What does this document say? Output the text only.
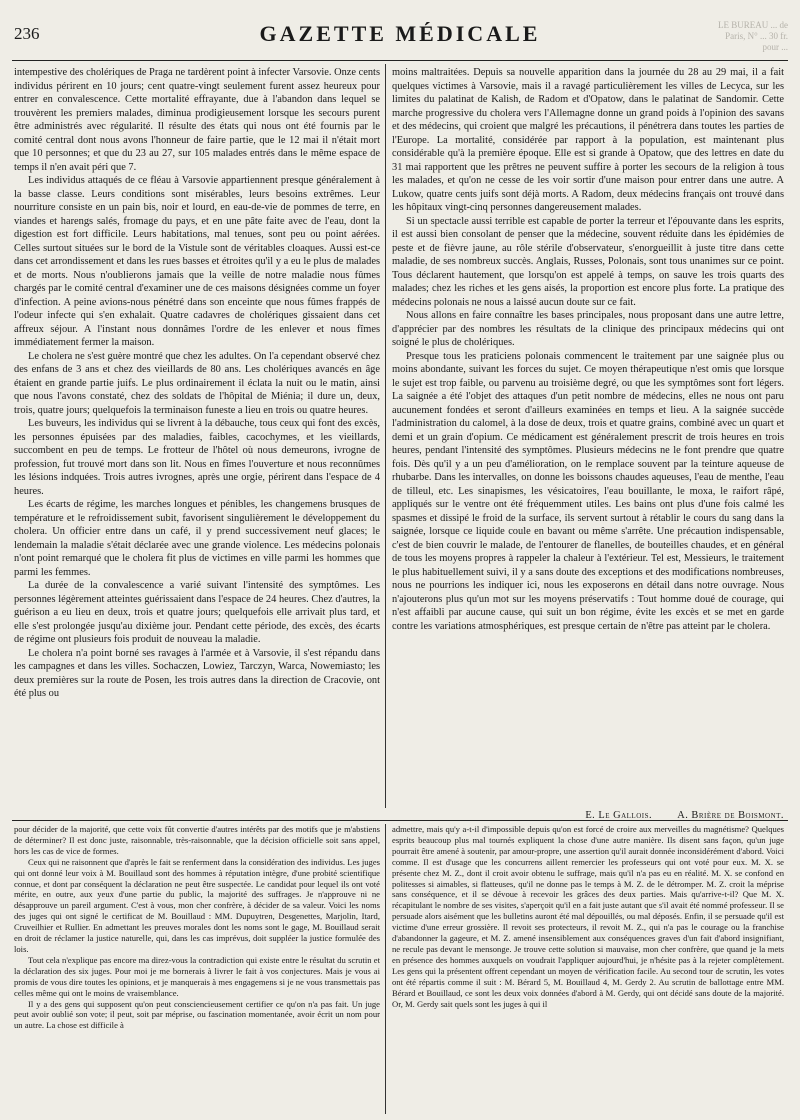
236	GAZETTE MÉDICALE	LE BUREAU ... de Paris, N° ... 30 fr. pour ...

intempestive des cholériques de Praga ne tardèrent point à infecter Varsovie. Onze cents individus périrent en 10 jours; cent quatre-vingt seulement furent assez heureux pour entrer en convalescence. Cette mortalité effrayante, due à l'abandon dans lequel se trouvèrent les premiers malades, diminua prodigieusement lorsque les secours purent être administrés avec régularité. Il résulte des états qui nous ont été fournis par le comité central dont nous avons l'honneur de faire partie, que le 12 mai il n'était mort que 10 personnes; et que du 23 au 27, sur 105 malades entrés dans le même espace de temps il n'en avait péri que 7.

Les individus attaqués de ce fléau à Varsovie appartiennent presque généralement à la basse classe. Leurs conditions sont misérables, leurs besoins extrêmes. Leur nourriture consiste en un pain bis, noir et lourd, en eau-de-vie de pommes de terre, en viandes et harengs salés, fromage du pays, et en une pâte faite avec de l'eau, dont la digestion est fort difficile. Leurs habitations, mal tenues, sont peu ou point aérées. Celles surtout situées sur le bord de la Vistule sont de véritables cloaques. Aussi est-ce dans cet arrondissement et dans les rues basses et étroites qu'il y a eu le plus de malades et de morts. Nous n'oublierons jamais que la veille de notre maladie nous fûmes chargés par le comité central d'examiner une de ces maisons désignées comme un foyer d'infection. A peine avions-nous pénétré dans son enceinte que nous fûmes frappés de l'odeur infecte qui s'en exhalait. Quatre cadavres de cholériques gissaient dans cet affreux séjour. A l'instant nous donnâmes l'ordre de les enlever et nous fîmes immédiatement fermer la maison.

Le cholera ne s'est guère montré que chez les adultes. On l'a cependant observé chez des enfans de 3 ans et chez des vieillards de 80 ans. Les cholériques avancés en âge étaient en grande partie juifs. Le plus ordinairement il éclata la nuit ou le matin, ainsi que nous l'avons constaté, chez des soldats de l'hôpital de Miénia; il dure un, deux, trois, quatre jours; quelquefois la terminaison funeste a lieu en trois ou quatre heures.

Les buveurs, les individus qui se livrent à la débauche, tous ceux qui font des excès, les personnes épuisées par des maladies, faibles, cacochymes, et les vieillards, succombent en peu de temps. Le frotteur de l'hôtel où nous demeurons, ivrogne de profession, fut trouvé mort dans son lit. Nous en fîmes l'ouverture et nous reconnûmes les lésions indquées. Trois autres ivrognes, après une orgie, périrent dans l'espace de 4 heures.

Les écarts de régime, les marches longues et pénibles, les changemens brusques de température et le refroidissement subit, favorisent singulièrement le développement du cholera. Un officier entre dans un café, il y prend successivement neuf glaces; le lendemain la maladie s'était déclarée avec une grande violence. Les médecins polonais n'ont point remarqué que le cholera fit plus de victimes en ville parmi les hommes que parmi les femmes.

La durée de la convalescence a varié suivant l'intensité des symptômes. Les personnes légèrement atteintes guérissaient dans l'espace de 24 heures. Chez d'autres, la guérison a eu lieu en deux, trois et quatre jours; quelquefois elle arrivait plus tard, et elle s'est prolongée jusqu'au dixième jour. Pendant cette période, des excès, des écarts de régime ont plusieurs fois produit de nouveau la maladie.

Le cholera n'a point borné ses ravages à l'armée et à Varsovie, il s'est répandu dans les campagnes et dans les villes. Sochaczen, Lowiez, Tarczyn, Warca, Nowemiasto; les deux premières sur la route de Posen, les trois autres dans la direction de Cracovie, ont été plus ou

moins maltraitées. Depuis sa nouvelle apparition dans la journée du 28 au 29 mai, il a fait quelques victimes à Varsovie, mais il a ravagé particulièrement les villes de Lecyca, sur les limites du palatinat de Kalish, de Radom et d'Opatow, dans le palatinat de Sandomir. Cette marche progressive du cholera vers l'Allemagne donne un grand poids à l'opinion des savans et des médecins, qui croient que malgré les précautions, il pénétrera dans toutes les parties de l'Europe. La mortalité, considérée par rapport à la population, est maintenant plus considérable qu'à la première époque. Elle est si grande à Opatow, que des lettres en date du 31 mai rapportent que les prêtres ne peuvent suffire à porter les secours de la religion à tous les malades, et qu'on ne cesse de les voir sortir d'une maison pour entrer dans une autre. A Lukow, quatre cents juifs sont déjà morts. A Radom, deux médecins français ont trouvé dans les hôpitaux vingt-cinq personnes dangereusement malades.

Si un spectacle aussi terrible est capable de porter la terreur et l'épouvante dans les esprits, il est aussi bien consolant de penser que la médecine, souvent réduite dans les épidémies de peste et de fièvre jaune, au rôle stérile d'observateur, s'enorgueillit à juste titre dans cette maladie, de ses nombreux succès. Anglais, Russes, Polonais, sont tous unanimes sur ce point. Tous déclarent hautement, que lorsqu'on est appelé à temps, on sauve les trois quarts des malades; chez les riches et les gens aisés, la proportion est encore plus forte. La pratique des médecins polonais ne nous a laissé aucun doute sur ce fait.

Nous allons en faire connaître les bases principales, nous proposant dans une autre lettre, d'apprécier par des nombres les résultats de la clinique des principaux médecins qui ont soigné le plus de cholériques.

Presque tous les praticiens polonais commencent le traitement par une saignée plus ou moins abondante, suivant les forces du sujet. Ce moyen thérapeutique n'est omis que lorsque le sujet est trop faible, ou parvenu au troisième degré, ou que les symptômes sont fort légers. La saignée a été l'objet des attaques d'un petit nombre de médecins, elles ne nous ont paru aucunement fondées et seront d'ailleurs examinées en temps et lieu. A la saignée succède l'administration du calomel, à la dose de deux, trois et quatre grains, combiné avec un quart et demi et un grain d'opium. Ce médicament est généralement prescrit de trois heures en trois heures, pendant l'intensité des symptômes. Plusieurs médecins ne le font prendre que quatre fois. Dès qu'il y a un peu d'amélioration, on le remplace souvent par la teinture aqueuse de rhubarbe. Dans les intervalles, on donne les boissons chaudes aqueuses, l'eau de menthe, l'eau de tilleul, etc. Les sinapismes, les vésicatoires, l'eau bouillante, le moxa, le raifort râpé, appliqués sur le ventre ont été fréquemment utiles. Les bains ont plus d'une fois calmé les spasmes et dissipé le froid de la surface, ils servent surtout à rétablir le cours du sang dans la saignée, lorsque ce liquide coule en bavant ou même s'arrête. Une précaution indispensable, c'est de bien couvrir le malade, de l'entourer de flanelles, de bouteilles chaudes, et en général de tous les moyens propres à rappeler la chaleur à l'extérieur. Tel est, Messieurs, le traitement le plus habituellement suivi, il y a sans doute des exceptions et des modifications nombreuses, nous ne pourrions les indiquer ici, nous les exposerons en détail dans notre ouvrage. Nous n'ajouterons plus qu'un mot sur les moyens préservatifs : Tout homme doué de courage, qui n'est affaibli par aucune cause, qui suit un bon régime, évite les excès et se met en garde contre les variations atmosphériques, est presque certain de n'être pas atteint par le cholera.

E. Le Gallois. A. Brière de Boismont.

pour décider de la majorité, que cette voix fût convertie d'autres intérêts par des motifs que je m'abstiens de déterminer? Il est donc juste, raisonnable, très-raisonnable, que la décision officielle soit sans appel, hors les cas de vice de formes.

Ceux qui ne raisonnent que d'après le fait se renferment dans la considération des individus. Les juges qui ont donné leur voix à M. Bouillaud sont des hommes à réputation intègre, d'une probité scientifique connue, et dont par conséquent la déclaration ne peut être suspectée. Le candidat pour lequel ils ont voté mérite, en outre, aux yeux d'une partie du public, la majorité des suffrages. Je n'approuve ni ne désapprouve un pareil argument. C'est à vous, mon cher confrère, à décider de sa valeur. Voici les noms des juges qui ont signé le certificat de M. Bouillaud : MM. Dupuytren, Desgenettes, Marjolin, Itard, Cruveilhier et Rullier. En admettant les preuves morales dont les noms sont le gage, M. Bouillaud serait en droit de réclamer la justice naturelle, qui, dans les cas imprévus, doit suppléer la justice formulée des lois.

Tout cela n'explique pas encore ma direz-vous la contradiction qui existe entre le résultat du scrutin et la déclaration des six juges. Pour moi je me bornerais à livrer le fait à vos conjectures. Mais je vous ai promis de vous dire toutes les opinions, et je manquerais à mes engagemens si je ne vous transmettais pas celles même qui ont le moins de vraisemblance.

Il y a des gens qui supposent qu'on peut consciencieusement certifier ce qu'on n'a pas fait. Un juge peut avoir oublié son vote; il peut, soit par méprise, ou fascination momentanée, avoir écrit un nom pour un autre. La chose est difficile à

admettre, mais qu'y a-t-il d'impossible depuis qu'on est forcé de croire aux merveilles du magnétisme? Quelques esprits beaucoup plus mal tournés expliquent la chose d'une autre manière. Ils disent sans façon, qu'un juge pourrait être amené à soutenir, par amour-propre, une assertion qu'il aurait donnée inconsidérément d'abord. Voici comme. Il est d'usage que les concurrens aillent remercier les professeurs qui ont voté pour eux. M. X. se présente chez M. Z., dont il croit avoir obtenu le suffrage, mais qu'il n'a pas eu en réalité. M. X. se confond en politesses si aimables, si flatteuses, qu'il ne donne pas le temps à M. Z. de le détromper. M. Z. croit la méprise sans conséquence, et il se dévoue à recevoir les grâces des deux parties. Mais qu'arrive-t-il? Que M. X. récapitulant le nombre de ses visites, s'aperçoit qu'il en a fait juste autant que s'il avait été nommé professeur. Il se persuade alors aisément que les bulletins auront été mal dépouillés, ou mal déposés. Enfin, il se persuade qu'il est victime d'une erreur grossière. Il revoit ses protecteurs, il revoit M. Z., qui n'a pas le courage ou la franchise d'abandonner la gageure, et M. Z. amené insensiblement aux conséquences graves d'un fait d'abord insignifiant, ne recule pas devant le mensonge. Je trouve cette solution si mauvaise, mon cher confrère, que quand je la mets en présence des hommes auxquels on voudrait l'appliquer aujourd'hui, je n'hésite pas à la rejeter complètement. Les gens qui la présentent offrent cependant un moyen de vérification facile. Au second tour de scrutin, les votes ont été répartis comme il suit : M. Bérard 5, M. Bouillaud 4, M. Gerdy 2. Au scrutin de ballottage entre MM. Bérard et Bouillaud, ce sont les deux voix données d'abord à M. Gerdy, qui ont décidé sans doute de la majorité. Or, M. Gerdy sait quels sont les juges à qui il
